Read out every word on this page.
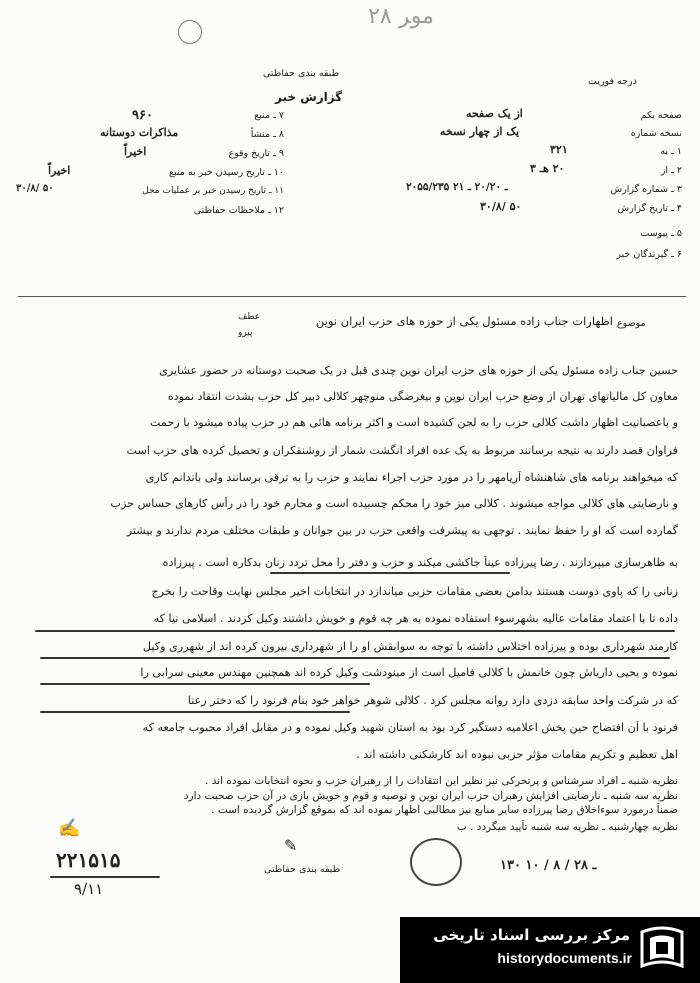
ﻣﻮﺮ ۲۸
طبقه بندی حفاظتی
گزارش خبر
درجه فوریت
۷ ـ منبع
۹۶۰
۸ ـ منشأ
مذاکرات دوستانه
۹ ـ تاریخ وقوع
اخیراً
۱۰ ـ تاریخ رسیدن خبر به منبع
اخیراً
۱۱ ـ تاریخ رسیدن خبر بر عملیات محل
۳۰/۸/ ۵۰
۱۲ ـ ملاحظات حفاظتی
صفحه یکم
از یک صفحه
نسخه شماره
یک از چهار نسخه
۱ ـ به
۳۲۱
۲ ـ از
۲۰ هـ ۳
۳ ـ شماره گزارش
۲۰۵۵/۲۳۵ ـ ۲۰/۲۰ ـ ۲۱
۴ ـ تاریخ گزارش
۳۰/۸/ ۵۰
۵ ـ پیوست
۶ ـ گیرندگان خبر
موضوع
اظهارات جناب زاده مسئول یکی از حوزه های حزب ایران نوین
عطف
پیرو
حسین جناب زاده مسئول یکی از حوزه های حزب ایران نوین چندی قبل در یک صحبت دوستانه در حضور عشایری
معاون کل مالیاتهای تهران از وضع حزب ایران نوین و بیغرضگی منوچهر کلالی دبیر کل حزب بشدت انتقاد نموده
و باعصبانیت اظهار داشت کلالی حزب را به لجن کشیده است و اکثر برنامه هائی هم در حزب پیاده میشود با زحمت
فراوان قصد دارند به نتیجه برسانند مربوط به یک عده افراد انگشت شمار از روشنفکران و تحصیل کرده های حزب است
که میخواهند برنامه های شاهنشاه آریامهر را در مورد حزب اجراء نمایند و حزب را به ترقی برسانند ولی باندانم کاری
و نارضایتی های کلالی مواجه میشوند . کلالی میز خود را محکم چسبیده است و محارم خود را در رأس کارهای حساس حزب
گمارده است که او را حفظ نمایند . توجهی به پیشرفت واقعی حزب در بین جوانان و طبقات مختلف مردم ندارند و بیشتر
به ظاهرسازی میپردازند . رضا پیرزاده عیناً جاکشی میکند و حزب و دفتر را محل تردد زنان بدکاره است . پیرزاده
زنانی را که پاوی دوست هستند بدامن بعضی مقامات حزبی میاندازد در انتخابات اخیر مجلس نهایت وقاحت را بخرج
داده تا با اعتماد مقامات عالیه بشهرسوء استفاده نموده به هر چه قوم و خویش داشتند وکیل کردند . اسلامی نیا که
کارمند شهرداری بوده و پیرزاده اختلاس داشته با توجه به سوابقش او را از شهرداری بیرون کرده اند از شهرری وکیل
نموده و یحیی داریاش چون خانمش با کلالی فامیل است از مینودشت وکیل کرده اند همچنین مهندس معینی سرابی را
که در شرکت واحد سابقه دزدی دارد روانه مجلس کرد . کلالی شوهر خواهر خود بنام فرنود را که دختر رعنا
فرنود با آن افتضاح حین پخش اعلامیه دستگیر کرد بود به استان شهید وکیل نموده و در مقابل افراد محبوب جامعه که
اهل تعظیم و تکریم مقامات مؤثر حزبی نبوده اند کارشکنی داشته اند .
نظریه شنبه ـ افراد سرشناس و پرتحرکی نیز نظیر این انتقادات را از رهبران حزب و نحوه انتخابات نموده اند .
نظریه سه شنبه ـ نارضایتی افزایش رهبران حزب ایران نوین و توصیه و قوم و خویش بازی در آن حزب صحبت دارد
ضمناً درمورد سوءاخلاق رضا پیرزاده سایر منابع نیز مطالبی اظهار نموده اند که بموقع گزارش گردیده است .
نظریه چهارشنبه ـ نظریه سه شنبه تأیید میگردد . ب
۲۲۱۵۱۵
۹/۱۱
✍
طبقه بندی حفاظتی
✎
۱۳۰ ـ ۲۸ / ۸ / ۱۰
مرکز بررسی اسناد تاریخی
historydocuments.ir
